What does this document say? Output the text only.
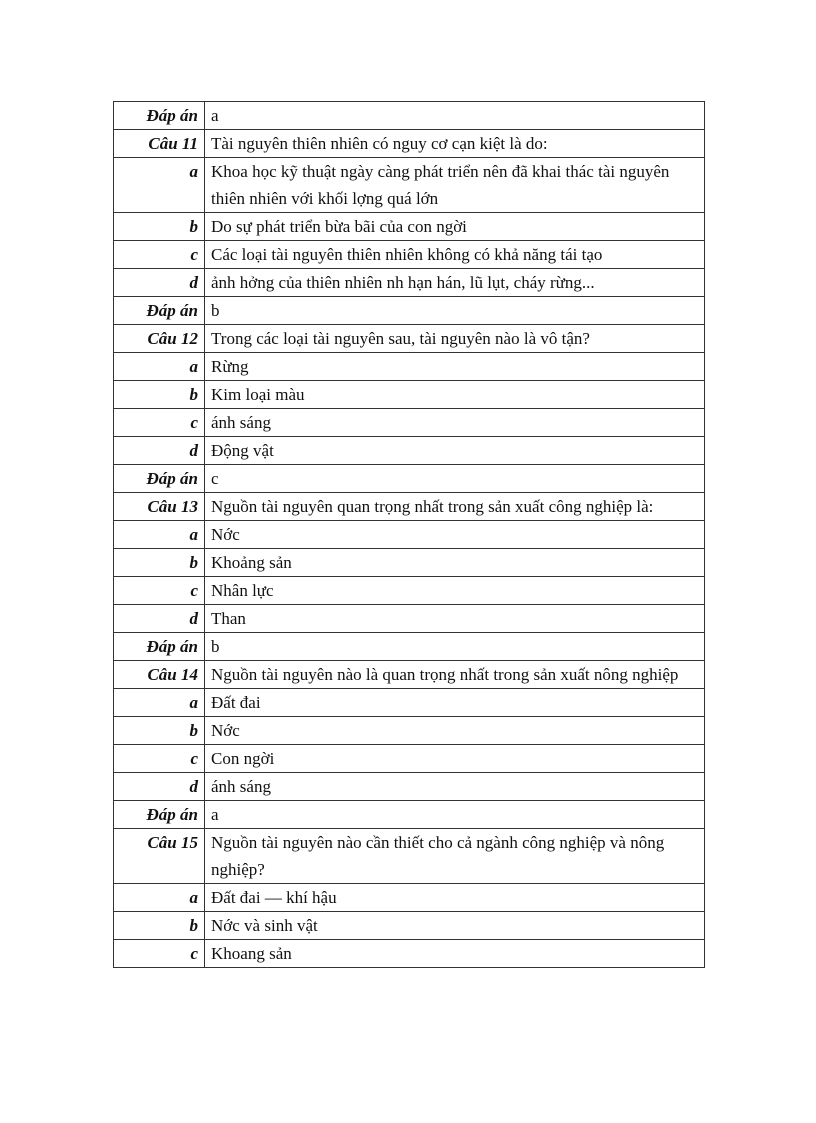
Đáp án	a
Câu 11	Tài nguyên thiên nhiên có nguy cơ cạn kiệt là do:
a	Khoa học kỹ thuật ngày càng phát triển nên đã khai thác tài nguyên thiên nhiên với khối lợng quá lớn
b	Do sự phát triển bừa bãi của con ngời
c	Các loại tài nguyên thiên nhiên không có khả năng tái tạo
d	ảnh hởng của thiên nhiên nh hạn hán, lũ lụt, cháy rừng...
Đáp án	b
Câu 12	Trong các loại tài nguyên sau, tài nguyên nào là vô tận?
a	Rừng
b	Kim loại màu
c	ánh sáng
d	Động vật
Đáp án	c
Câu 13	Nguồn tài nguyên quan trọng nhất trong sản xuất công nghiệp là:
a	Nớc
b	Khoảng sản
c	Nhân lực
d	Than
Đáp án	b
Câu 14	Nguồn tài nguyên nào là quan trọng nhất trong sản xuất nông nghiệp
a	Đất đai
b	Nớc
c	Con ngời
d	ánh sáng
Đáp án	a
Câu 15	Nguồn tài nguyên nào cần thiết cho cả ngành công nghiệp và nông nghiệp?
a	Đất đai — khí hậu
b	Nớc và sinh vật
c	Khoang sản
